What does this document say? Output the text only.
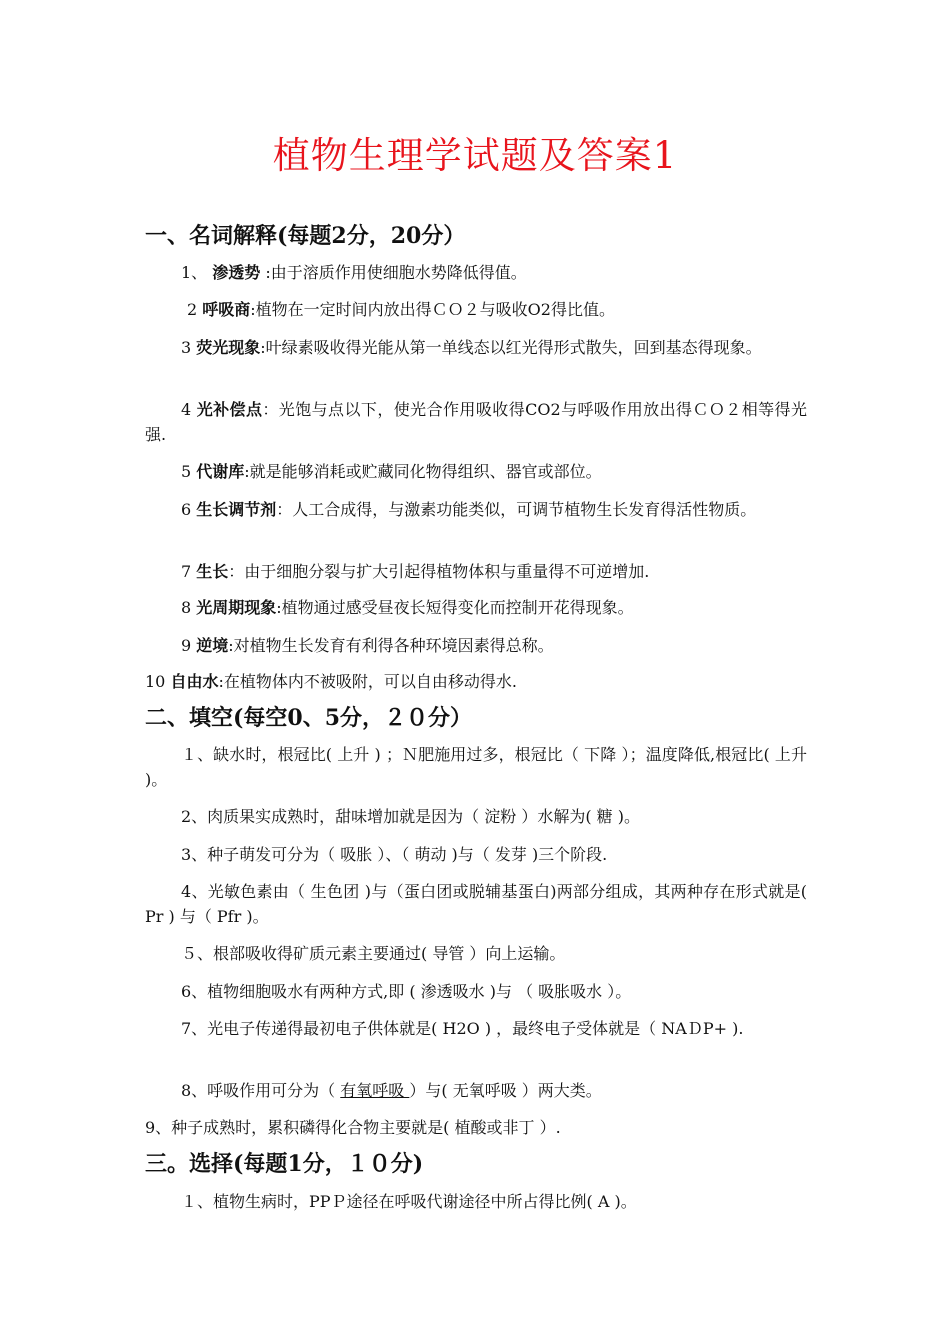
植物生理学试题及答案1
一、名词解释(每题2分，20分）

1、 渗透势 :由于溶质作用使细胞水势降低得值。

2 呼吸商:植物在一定时间内放出得ＣＯ２与吸收O2得比值。

3 荧光现象:叶绿素吸收得光能从第一单线态以红光得形式散失，回到基态得现象。

4 光补偿点：光饱与点以下，使光合作用吸收得CO2与呼吸作用放出得ＣＯ２相等得光强.

5 代谢库:就是能够消耗或贮藏同化物得组织、器官或部位。

6 生长调节剂：人工合成得，与激素功能类似，可调节植物生长发育得活性物质。

7 生长：由于细胞分裂与扩大引起得植物体积与重量得不可逆增加.

8 光周期现象:植物通过感受昼夜长短得变化而控制开花得现象。

9 逆境:对植物生长发育有利得各种环境因素得总称。

10 自由水:在植物体内不被吸附，可以自由移动得水.

二、填空(每空0、5分，２０分）

１、缺水时，根冠比( 上升 ) ；Ｎ肥施用过多，根冠比（ 下降 ）；温度降低,根冠比( 上升 )。

2、肉质果实成熟时，甜味增加就是因为（ 淀粉 ）水解为( 糖 )。

3、种子萌发可分为（ 吸胀 ）、（ 萌动 )与（ 发芽 )三个阶段.

4、光敏色素由（ 生色团 )与（蛋白团或脱辅基蛋白)两部分组成，其两种存在形式就是( Pr ) 与（ Pfr )。

５、根部吸收得矿质元素主要通过( 导管 ）向上运输。

6、植物细胞吸水有两种方式,即 ( 渗透吸水 )与 （ 吸胀吸水 ）。

7、光电子传递得最初电子供体就是( H2O ) ，最终电子受体就是（ NAＤP+ ).

8、呼吸作用可分为（ 有氧呼吸 ）与( 无氧呼吸 ）两大类。

9、种子成熟时，累积磷得化合物主要就是( 植酸或非丁 ）.

三。选择(每题1分，１０分)

１、植物生病时，PPＰ途径在呼吸代谢途径中所占得比例( A )。
